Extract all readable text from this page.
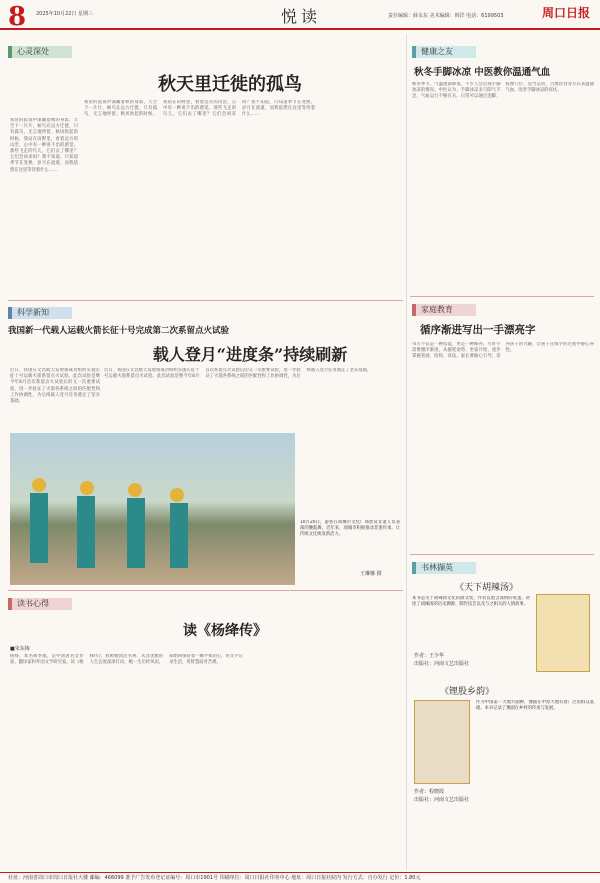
8 2025年10月22日 星期三	悦读	责任编辑：薛永东 美术编辑：韩洋 电话：6199503	周口日报
心灵深处
秋天里迁徙的孤鸟
我常的寂寞中深藏着秋的身影，天空下一片片，候鸟在远方迁徙，只有孤鸟，无言地停留。秋风吹起的时候，我站在田野里，看着远方的山峦，心中有一种说不出的感觉。那些飞走的鸟儿，它们去了哪里？它们会回来吗？我不知道，只知道季节在变换，岁月在流逝，而我依然在这里等待着什么……
我常的寂寞中深藏着秋的身影，天空下一片片，候鸟在远方迁徙，只有孤鸟，无言地停留。秋风吹起的时候，我站在田野里，看着远方的山峦，心中有一种说不出的感觉。那些飞走的鸟儿，它们去了哪里？它们会回来吗？我不知道，只知道季节在变换，岁月在流逝，而我依然在这里等待着什么……
科学新知
我国新一代载人运载火箭长征十号完成第二次系留点火试验
载人登月“进度条”持续刷新
近日，我国在文昌航天发射场成功组织实施长征十号运载火箭系留点火试验。此次试验是继今年8月首次系留点火试验后的又一次重要试验，进一步验证了火箭各系统之间的匹配性和工作协调性，为后续载人登月任务奠定了坚实基础。
近日，我国在文昌航天发射场成功组织实施长征十号运载火箭系留点火试验。此次试验是继今年8月首次系留点火试验后的又一次重要试验，进一步验证了火箭各系统之间的匹配性和工作协调性，为后续载人登月任务奠定了坚实基础。
10月20日，游客在项城市文化广场欣赏非遗人员表演的腰鼓舞。近年来，项城市积极推动非遗传承，让传统文化焕发新活力。
王琳娜 摄
读书心得
读《杨绛传》
■朱东梅
杨绛，本名杨季康，是中国著名女作家、翻译家和外国文学研究家。读《杨绛传》，我被她淡泊名利、从容优雅的人生态度深深打动。她一生历经风雨，却始终保持着一颗平和的心，用文字记录生活，用智慧面对苦难。
健康之友
秋冬手脚冰凉 中医教你温通气血
秋冬季节，气温逐渐降低，不少人会出现手脚冰凉的情况。中医认为，手脚冰凉多与阳气不足、气血运行不畅有关。日常可以通过泡脚、按摩穴位、适当运动、合理饮食等方式来温通气血，改善手脚冰凉的症状。
家庭教育
循序渐进写出一手漂亮字
书写不仅是一种技能，更是一种修养。写好字需要循序渐进，从握笔姿势、坐姿开始，逐步掌握笔画、结构、章法。家长要耐心引导，培养孩子的兴趣，让孩子在练字的过程中静心养性。
书林撷英
《天下胡辣汤》
本书是关于胡辣汤文化的散文集，作者以饱含深情的笔墨，讲述了胡辣汤的历史渊源、制作技艺以及与之相关的人情故事。
作者：王少华
出版社：河南文艺出版社
《锂股乡韵》
作者：程晓霞
出版社：河南文艺出版社
作为中国第一大地方剧种，豫剧在中原大地有着广泛的群众基础。本书记录了豫剧在乡村的传承与发展。
社址：河南省周口市周口日报社大楼 邮编：466099 准予广告发布登记证编号：周口市1901号 印刷单位：周口日报社印务中心 地址：周口日报社院内 发行方式：自办发行 定价：1.80元
